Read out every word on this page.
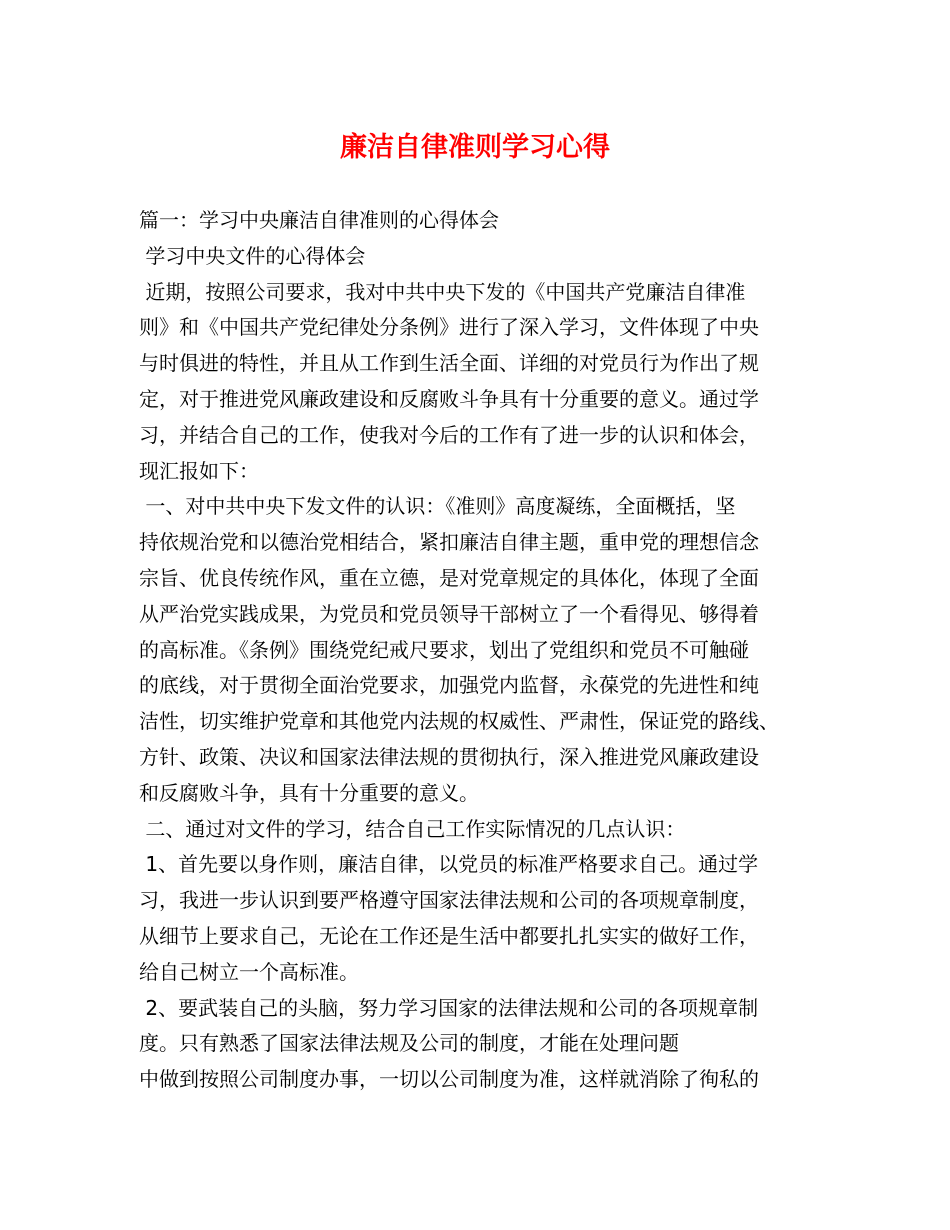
廉洁自律准则学习心得

篇一：学习中央廉洁自律准则的心得体会

学习中央文件的心得体会

近期，按照公司要求，我对中共中央下发的《中国共产党廉洁自律准

则》和《中国共产党纪律处分条例》进行了深入学习，文件体现了中央

与时俱进的特性，并且从工作到生活全面、详细的对党员行为作出了规

定，对于推进党风廉政建设和反腐败斗争具有十分重要的意义。通过学

习，并结合自己的工作，使我对今后的工作有了进一步的认识和体会，

现汇报如下：

一、对中共中央下发文件的认识：《准则》高度凝练，全面概括，坚

持依规治党和以德治党相结合，紧扣廉洁自律主题，重申党的理想信念

宗旨、优良传统作风，重在立德，是对党章规定的具体化，体现了全面

从严治党实践成果，为党员和党员领导干部树立了一个看得见、够得着

的高标准。《条例》围绕党纪戒尺要求，划出了党组织和党员不可触碰

的底线，对于贯彻全面治党要求，加强党内监督，永葆党的先进性和纯

洁性，切实维护党章和其他党内法规的权威性、严肃性，保证党的路线、

方针、政策、决议和国家法律法规的贯彻执行，深入推进党风廉政建设

和反腐败斗争，具有十分重要的意义。

二、通过对文件的学习，结合自己工作实际情况的几点认识：

1、首先要以身作则，廉洁自律，以党员的标准严格要求自己。通过学

习，我进一步认识到要严格遵守国家法律法规和公司的各项规章制度，

从细节上要求自己，无论在工作还是生活中都要扎扎实实的做好工作，

给自己树立一个高标准。

2、要武装自己的头脑，努力学习国家的法律法规和公司的各项规章制

度。只有熟悉了国家法律法规及公司的制度，才能在处理问题

中做到按照公司制度办事，一切以公司制度为准，这样就消除了徇私的
